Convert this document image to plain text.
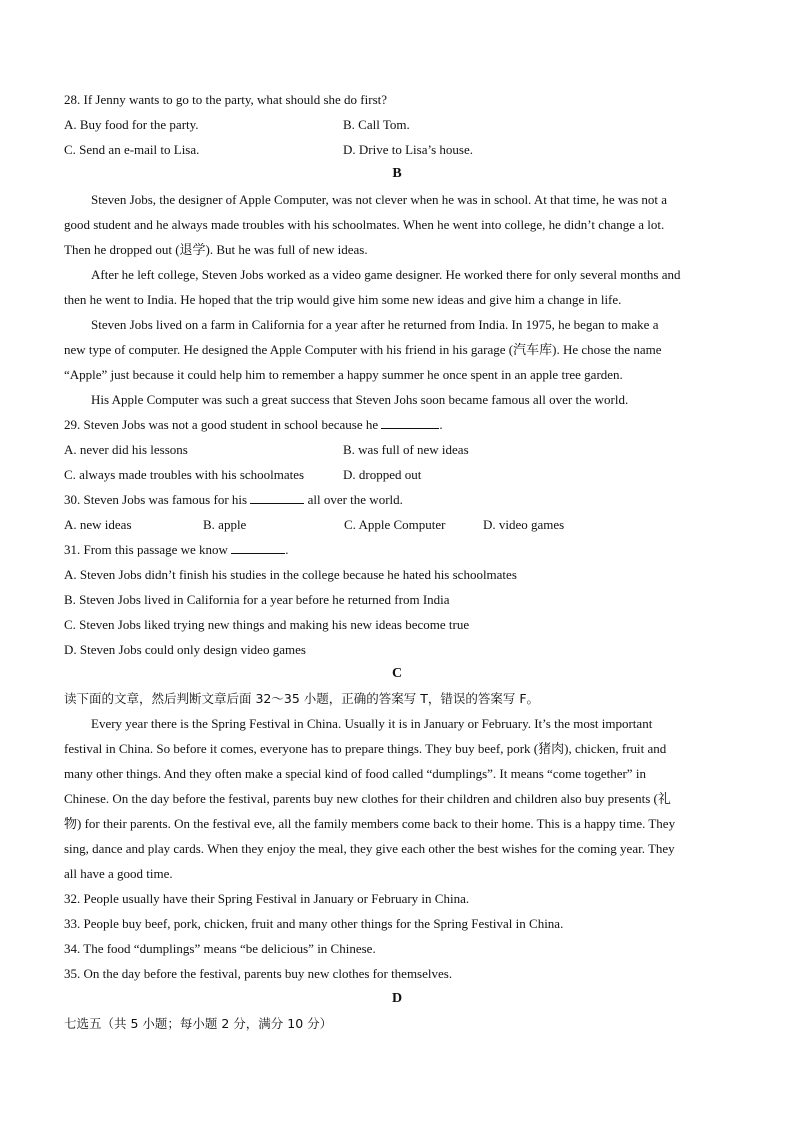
28. If Jenny wants to go to the party, what should she do first?
A. Buy food for the party.	B. Call Tom.
C. Send an e-mail to Lisa.	D. Drive to Lisa’s house.
B
Steven Jobs, the designer of Apple Computer, was not clever when he was in school. At that time, he was not a
good student and he always made troubles with his schoolmates. When he went into college, he didn’t change a lot.
Then he dropped out (退学). But he was full of new ideas.
After he left college, Steven Jobs worked as a video game designer. He worked there for only several months and
then he went to India. He hoped that the trip would give him some new ideas and give him a change in life.
Steven Jobs lived on a farm in California for a year after he returned from India. In 1975, he began to make a
new type of computer. He designed the Apple Computer with his friend in his garage (汽车库). He chose the name
“Apple” just because it could help him to remember a happy summer he once spent in an apple tree garden.
His Apple Computer was such a great success that Steven Johs soon became famous all over the world.
29. Steven Jobs was not a good student in school because he	.
A. never did his lessons	B. was full of new ideas
C. always made troubles with his schoolmates	D. dropped out
30. Steven Jobs was famous for his	all over the world.
A. new ideas	B. apple	C. Apple Computer	D. video games
31. From this passage we know	.
A. Steven Jobs didn’t finish his studies in the college because he hated his schoolmates
B. Steven Jobs lived in California for a year before he returned from India
C. Steven Jobs liked trying new things and making his new ideas become true
D. Steven Jobs could only design video games
C
读下面的文章，然后判断文章后面 32～35 小题，正确的答案写 T，错误的答案写 F。
Every year there is the Spring Festival in China. Usually it is in January or February. It’s the most important
festival in China. So before it comes, everyone has to prepare things. They buy beef, pork (猪肉), chicken, fruit and
many other things. And they often make a special kind of food called “dumplings”. It means “come together” in
Chinese. On the day before the festival, parents buy new clothes for their children and children also buy presents (礼
物) for their parents. On the festival eve, all the family members come back to their home. This is a happy time. They
sing, dance and play cards. When they enjoy the meal, they give each other the best wishes for the coming year. They
all have a good time.
32. People usually have their Spring Festival in January or February in China.
33. People buy beef, pork, chicken, fruit and many other things for the Spring Festival in China.
34. The food “dumplings” means “be delicious” in Chinese.
35. On the day before the festival, parents buy new clothes for themselves.
D
七选五（共 5 小题；每小题 2 分，满分 10 分）
